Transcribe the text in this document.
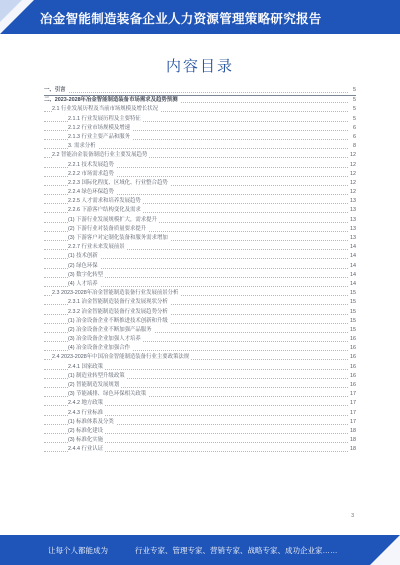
冶金智能制造装备企业人力资源管理策略研究报告
内容目录
一、引言	5
二、2023-2028年冶金智能制造装备市场需求及趋势预测	5
2.1 行业发展历程及当前市场规模及增长状况	5
2.1.1 行业发展历程及主要特征	5
2.1.2 行业市场规模及增速	6
2.1.3 行业主要产品和服务	6
3. 需求分析	8
2.2 智能冶金装备制造行业主要发展趋势	12
2.2.1 技术发展趋势	12
2.2.2 市场需求趋势	12
2.2.3 国际化程度、区域化、行业整合趋势	12
2.2.4 绿色环保趋势	12
2.2.5 人才需求和培养发展趋势	13
2.2.6 下游客户结构变化及需求	13
(1) 下游行业发展规模扩大，需求提升	13
(2) 下游行业对装备质量要求提升	13
(3) 下游客户对定制化装备和服务需求增加	13
2.2.7 行业未来发展前景	14
(1) 技术创新	14
(2) 绿色环保	14
(3) 数字化转型	14
(4) 人才培养	14
2.3 2023-2028年冶金智能制造装备行业发展前景分析	15
2.3.1 冶金智能制造装备行业发展现状分析	15
2.3.2 冶金智能制造装备行业发展趋势分析	15
(1) 冶金设备企业不断推进技术创新和升级	15
(2) 冶金设备企业不断加强产品服务	15
(3) 冶金设备企业加强人才培养	16
(4) 冶金设备企业加强合作	16
2.4 2023-2028年中国冶金智能制造装备行业主要政策法规	16
2.4.1 国家政策	16
(1) 制造业转型升级政策	16
(2) 智能制造发展规划	16
(3) 节能减排、绿色环保相关政策	17
2.4.2 地方政策	17
2.4.3 行业标准	17
(1) 标准体系及分类	17
(2) 标准化建设	18
(3) 标准化实施	18
2.4.4 行业认证	18
3
让每个人都能成为	行业专家、管理专家、营销专家、战略专家、成功企业家……
